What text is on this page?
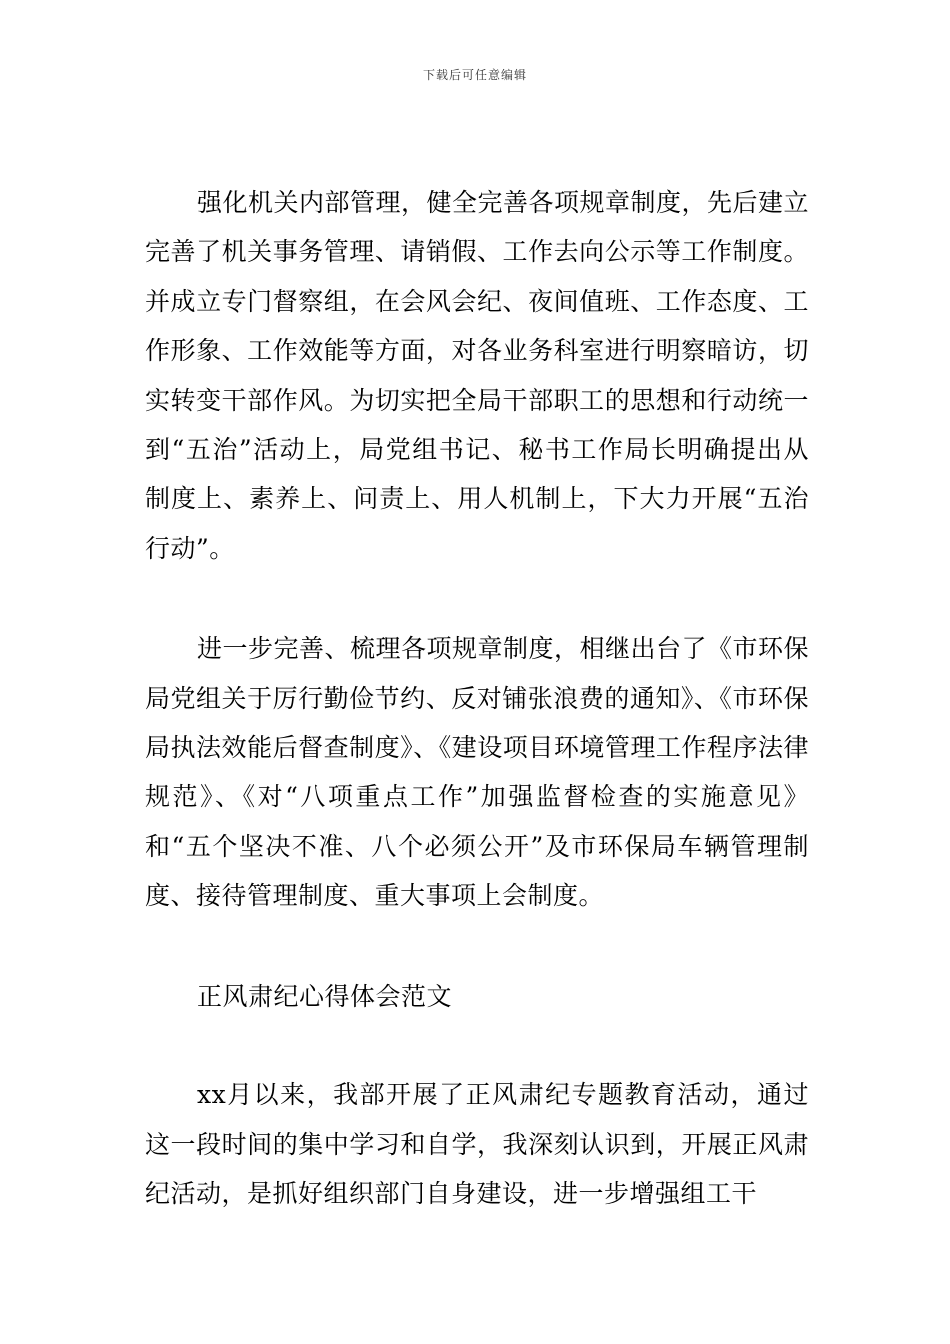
下载后可任意编辑

强化机关内部管理，健全完善各项规章制度，先后建立完善了机关事务管理、请销假、工作去向公示等工作制度。并成立专门督察组，在会风会纪、夜间值班、工作态度、工作形象、工作效能等方面，对各业务科室进行明察暗访，切实转变干部作风。为切实把全局干部职工的思想和行动统一到“五治”活动上，局党组书记、秘书工作局长明确提出从制度上、素养上、问责上、用人机制上，下大力开展“五治行动”。

进一步完善、梳理各项规章制度，相继出台了《市环保局党组关于厉行勤俭节约、反对铺张浪费的通知》、《市环保局执法效能后督查制度》、《建设项目环境管理工作程序法律规范》、《对“八项重点工作”加强监督检查的实施意见》和“五个坚决不准、八个必须公开”及市环保局车辆管理制度、接待管理制度、重大事项上会制度。

正风肃纪心得体会范文

xx月以来，我部开展了正风肃纪专题教育活动，通过这一段时间的集中学习和自学，我深刻认识到，开展正风肃纪活动，是抓好组织部门自身建设，进一步增强组工干
